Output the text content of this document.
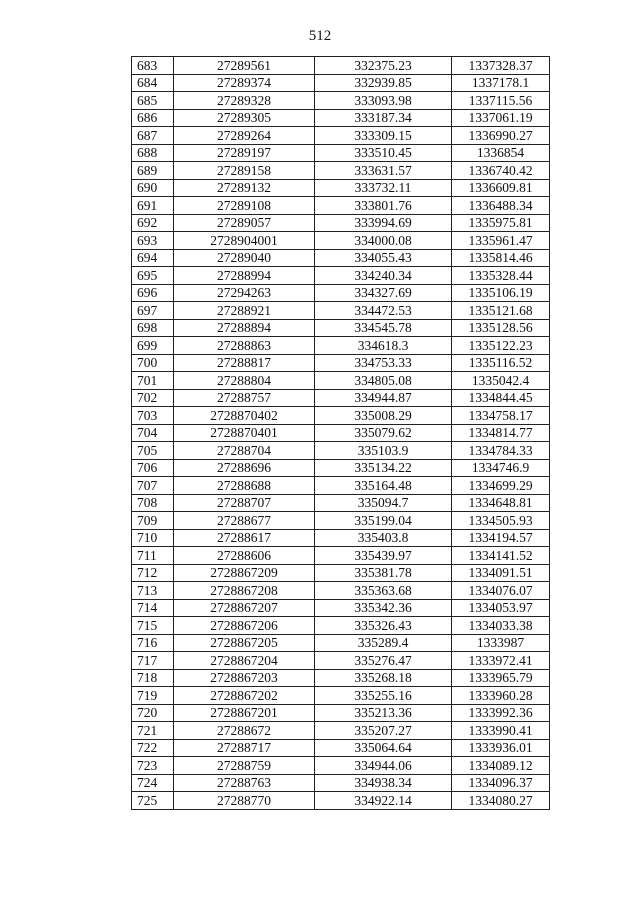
512
683	27289561	332375.23	1337328.37
684	27289374	332939.85	1337178.1
685	27289328	333093.98	1337115.56
686	27289305	333187.34	1337061.19
687	27289264	333309.15	1336990.27
688	27289197	333510.45	1336854
689	27289158	333631.57	1336740.42
690	27289132	333732.11	1336609.81
691	27289108	333801.76	1336488.34
692	27289057	333994.69	1335975.81
693	2728904001	334000.08	1335961.47
694	27289040	334055.43	1335814.46
695	27288994	334240.34	1335328.44
696	27294263	334327.69	1335106.19
697	27288921	334472.53	1335121.68
698	27288894	334545.78	1335128.56
699	27288863	334618.3	1335122.23
700	27288817	334753.33	1335116.52
701	27288804	334805.08	1335042.4
702	27288757	334944.87	1334844.45
703	2728870402	335008.29	1334758.17
704	2728870401	335079.62	1334814.77
705	27288704	335103.9	1334784.33
706	27288696	335134.22	1334746.9
707	27288688	335164.48	1334699.29
708	27288707	335094.7	1334648.81
709	27288677	335199.04	1334505.93
710	27288617	335403.8	1334194.57
711	27288606	335439.97	1334141.52
712	2728867209	335381.78	1334091.51
713	2728867208	335363.68	1334076.07
714	2728867207	335342.36	1334053.97
715	2728867206	335326.43	1334033.38
716	2728867205	335289.4	1333987
717	2728867204	335276.47	1333972.41
718	2728867203	335268.18	1333965.79
719	2728867202	335255.16	1333960.28
720	2728867201	335213.36	1333992.36
721	27288672	335207.27	1333990.41
722	27288717	335064.64	1333936.01
723	27288759	334944.06	1334089.12
724	27288763	334938.34	1334096.37
725	27288770	334922.14	1334080.27
